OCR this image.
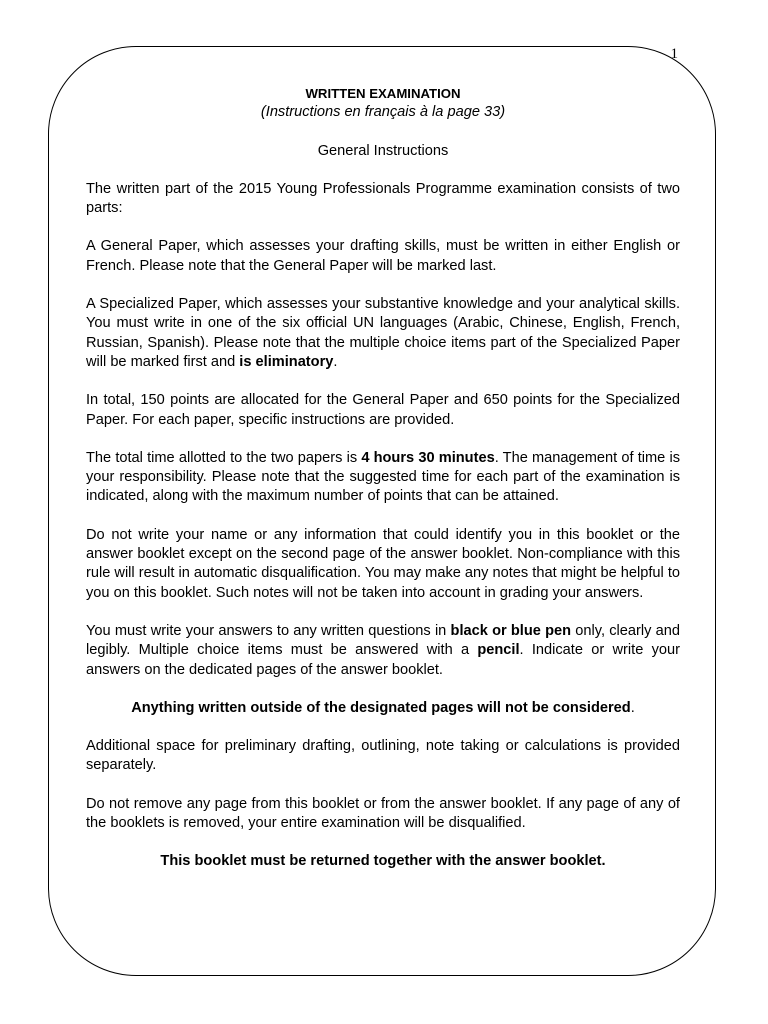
1
WRITTEN EXAMINATION
(Instructions en français à la page 33)
General Instructions

The written part of the 2015 Young Professionals Programme examination consists of two parts:

A General Paper, which assesses your drafting skills, must be written in either English or French. Please note that the General Paper will be marked last.

A Specialized Paper, which assesses your substantive knowledge and your analytical skills. You must write in one of the six official UN languages (Arabic, Chinese, English, French, Russian, Spanish). Please note that the multiple choice items part of the Specialized Paper will be marked first and is eliminatory.

In total, 150 points are allocated for the General Paper and 650 points for the Specialized Paper. For each paper, specific instructions are provided.

The total time allotted to the two papers is 4 hours 30 minutes. The management of time is your responsibility. Please note that the suggested time for each part of the examination is indicated, along with the maximum number of points that can be attained.

Do not write your name or any information that could identify you in this booklet or the answer booklet except on the second page of the answer booklet. Non-compliance with this rule will result in automatic disqualification. You may make any notes that might be helpful to you on this booklet. Such notes will not be taken into account in grading your answers.

You must write your answers to any written questions in black or blue pen only, clearly and legibly. Multiple choice items must be answered with a pencil. Indicate or write your answers on the dedicated pages of the answer booklet.

Anything written outside of the designated pages will not be considered.

Additional space for preliminary drafting, outlining, note taking or calculations is provided separately.

Do not remove any page from this booklet or from the answer booklet. If any page of any of the booklets is removed, your entire examination will be disqualified.

This booklet must be returned together with the answer booklet.
